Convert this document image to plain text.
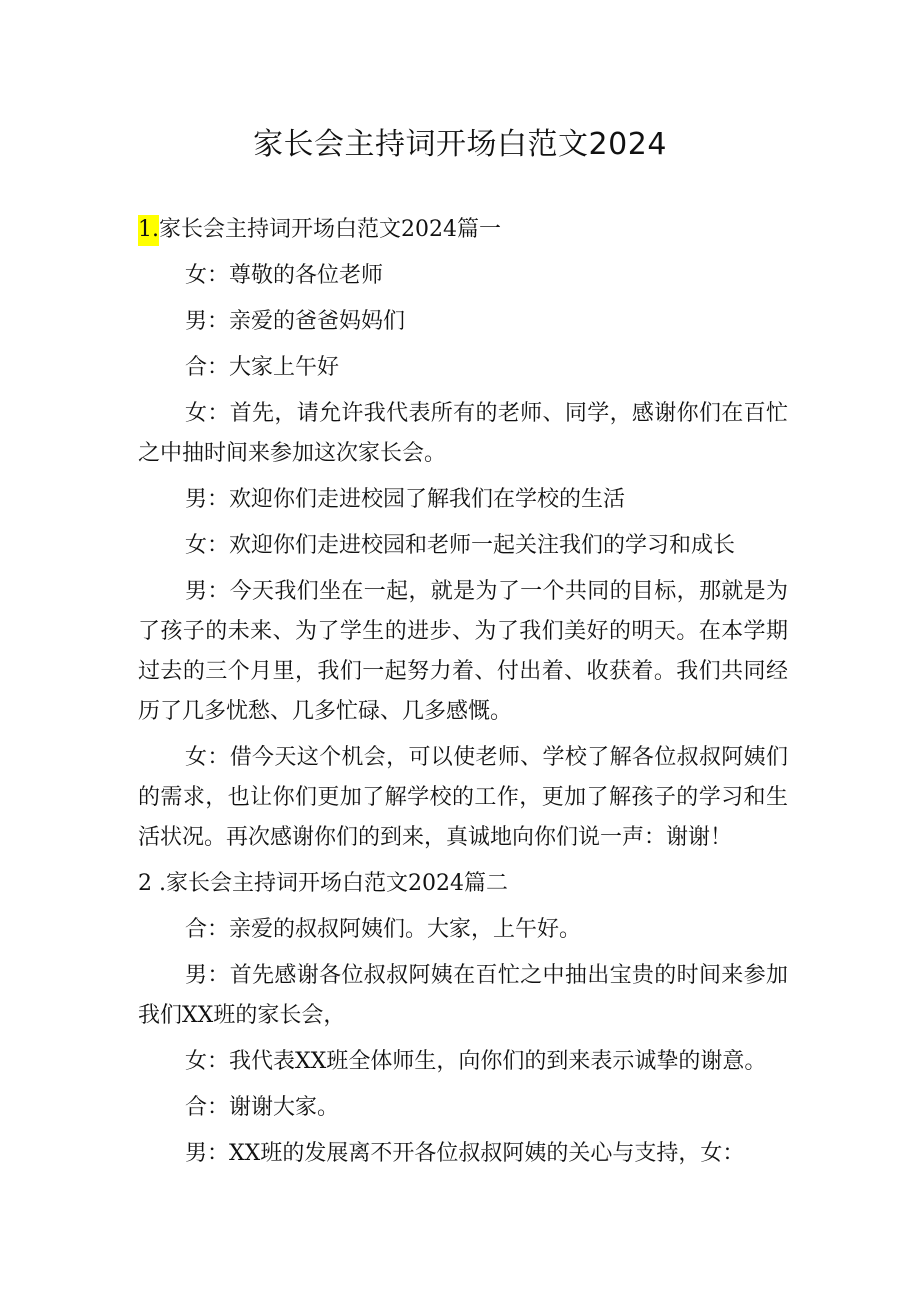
家长会主持词开场白范文2024
1.家长会主持词开场白范文2024篇一
女：尊敬的各位老师
男：亲爱的爸爸妈妈们
合：大家上午好
女：首先，请允许我代表所有的老师、同学，感谢你们在百忙之中抽时间来参加这次家长会。
男：欢迎你们走进校园了解我们在学校的生活
女：欢迎你们走进校园和老师一起关注我们的学习和成长
男：今天我们坐在一起，就是为了一个共同的目标，那就是为了孩子的未来、为了学生的进步、为了我们美好的明天。在本学期过去的三个月里，我们一起努力着、付出着、收获着。我们共同经历了几多忧愁、几多忙碌、几多感慨。
女：借今天这个机会，可以使老师、学校了解各位叔叔阿姨们的需求，也让你们更加了解学校的工作，更加了解孩子的学习和生活状况。再次感谢你们的到来，真诚地向你们说一声：谢谢！
2 .家长会主持词开场白范文2024篇二
合：亲爱的叔叔阿姨们。大家，上午好。
男：首先感谢各位叔叔阿姨在百忙之中抽出宝贵的时间来参加我们XX班的家长会，
女：我代表XX班全体师生，向你们的到来表示诚挚的谢意。
合：谢谢大家。
男：XX班的发展离不开各位叔叔阿姨的关心与支持，女：
